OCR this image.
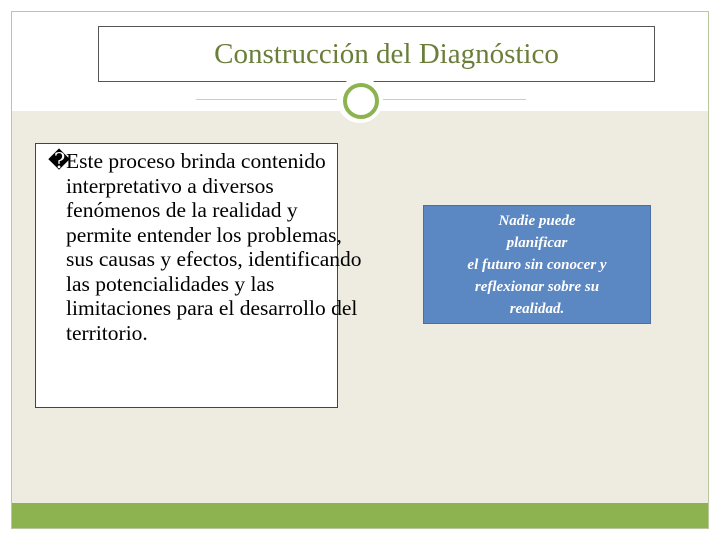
Construcción del Diagnóstico
�Este proceso brinda contenido interpretativo a diversos fenómenos de la realidad y permite entender los problemas, sus causas y efectos, identificando las potencialidades y las limitaciones para el desarrollo del territorio.
Nadie puede
planificar
el futuro sin conocer y
reflexionar sobre su
realidad.
